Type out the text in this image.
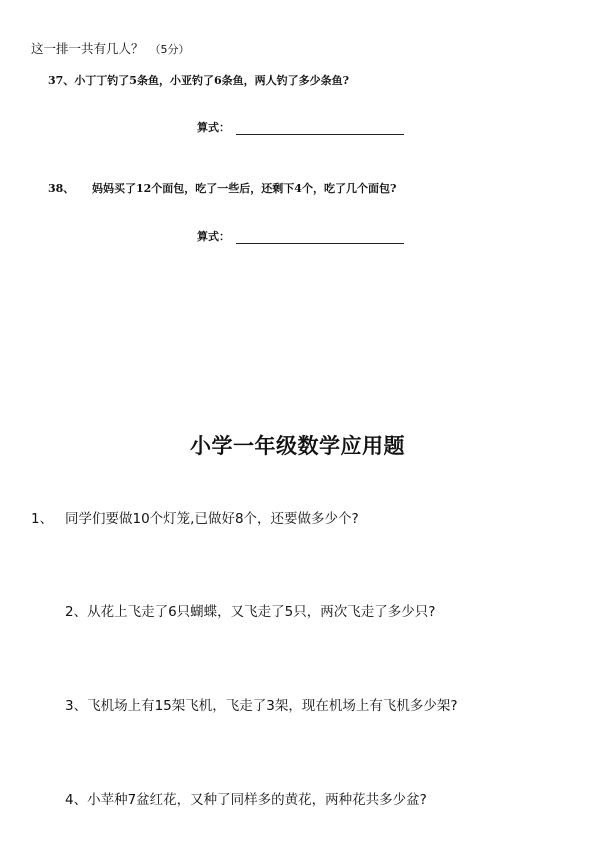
这一排一共有几人？ （5分）
37、小丁丁钓了5条鱼，小亚钓了6条鱼，两人钓了多少条鱼?
算式：
38、 妈妈买了12个面包，吃了一些后，还剩下4个，吃了几个面包?
算式：
小学一年级数学应用题
1、 同学们要做10个灯笼,已做好8个，还要做多少个?
2、从花上飞走了6只蝴蝶，又飞走了5只，两次飞走了多少只?
3、飞机场上有15架飞机，飞走了3架，现在机场上有飞机多少架?
4、小苹种7盆红花，又种了同样多的黄花，两种花共多少盆?
